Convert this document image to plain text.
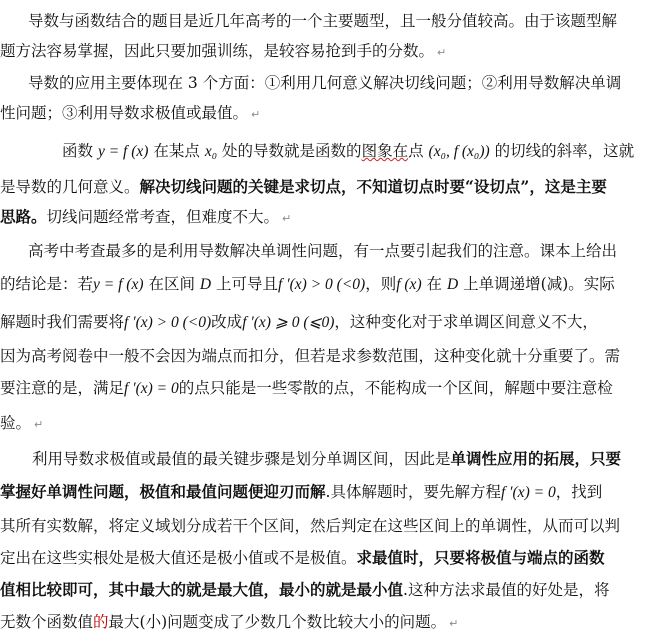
导数与函数结合的题目是近几年高考的一个主要题型，且一般分值较高。由于该题型解
题方法容易掌握，因此只要加强训练，是较容易抢到手的分数。 ↵
导数的应用主要体现在 3 个方面：①利用几何意义解决切线问题；②利用导数解决单调
性问题；③利用导数求极值或最值。 ↵
函数 y = f (x) 在某点 x₀ 处的导数就是函数的图象在点 (x₀, f (x₀)) 的切线的斜率，这就
是导数的几何意义。解决切线问题的关键是求切点，不知道切点时要“设切点”，这是主要
思路。切线问题经常考查，但难度不大。 ↵
高考中考查最多的是利用导数解决单调性问题，有一点要引起我们的注意。课本上给出
的结论是：若y = f (x) 在区间 D 上可导且f ′(x) > 0 (<0)，则f (x) 在 D 上单调递增(减)。实际
解题时我们需要将f ′(x) > 0 (<0)改成f ′(x) ⩾ 0 (⩽0)，这种变化对于求单调区间意义不大，
因为高考阅卷中一般不会因为端点而扣分，但若是求参数范围，这种变化就十分重要了。需
要注意的是，满足f ′(x) = 0的点只能是一些零散的点，不能构成一个区间，解题中要注意检
验。 ↵
利用导数求极值或最值的最关键步骤是划分单调区间，因此是单调性应用的拓展，只要
掌握好单调性问题，极值和最值问题便迎刃而解.具体解题时，要先解方程f ′(x) = 0，找到
其所有实数解，将定义域划分成若干个区间，然后判定在这些区间上的单调性，从而可以判
定出在这些实根处是极大值还是极小值或不是极值。求最值时，只要将极值与端点的函数
值相比较即可，其中最大的就是最大值，最小的就是最小值.这种方法求最值的好处是，将
无数个函数值的最大(小)问题变成了少数几个数比较大小的问题。 ↵
